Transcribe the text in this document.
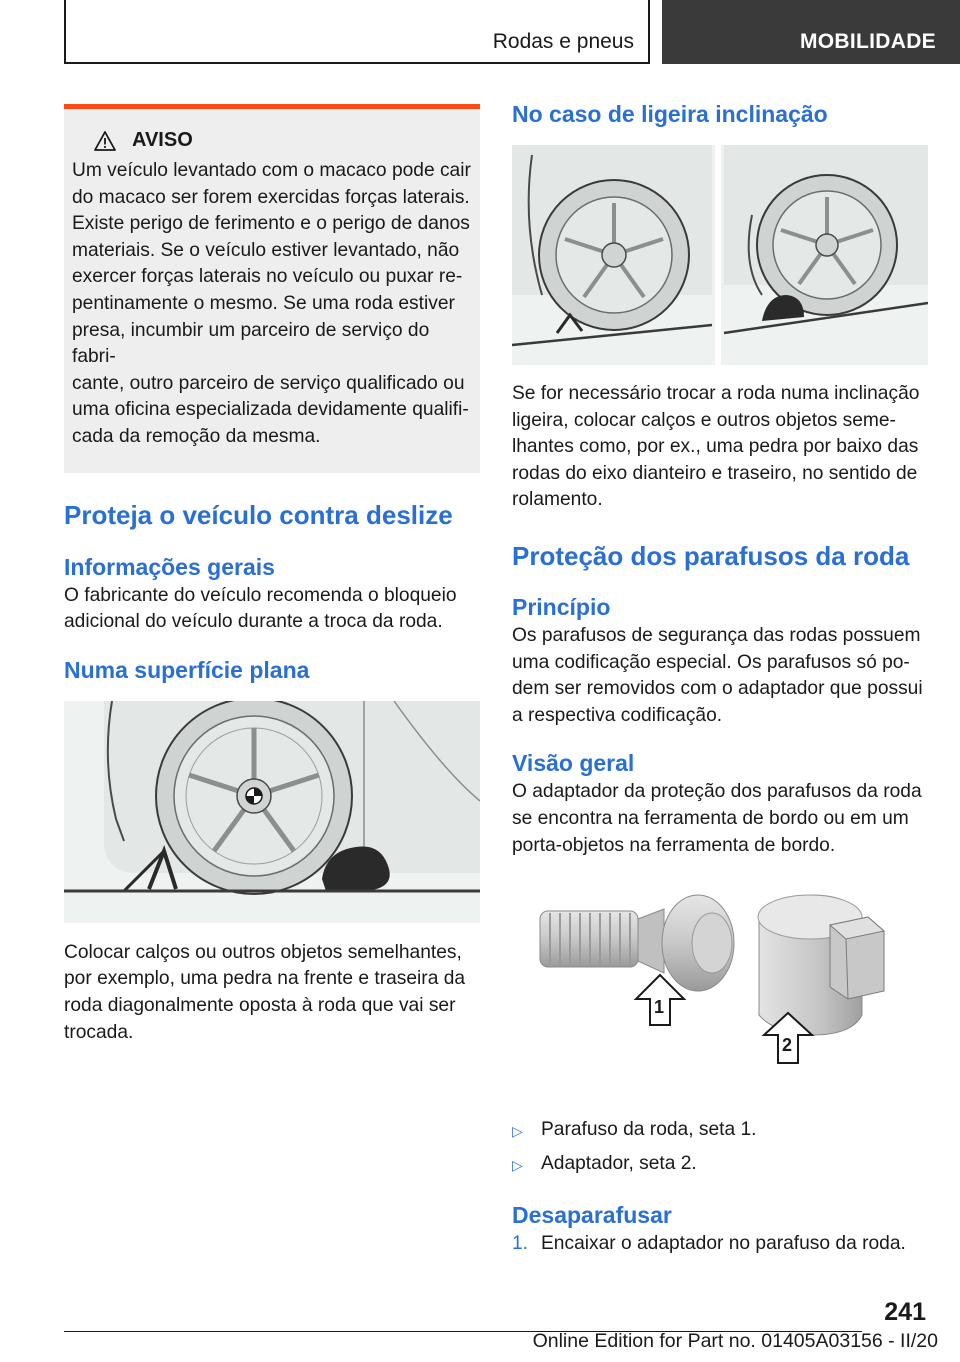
Rodas e pneus	MOBILIDADE
AVISO
Um veículo levantado com o macaco pode cair
do macaco ser forem exercidas forças laterais.
Existe perigo de ferimento e o perigo de danos
materiais. Se o veículo estiver levantado, não
exercer forças laterais no veículo ou puxar re-
pentinamente o mesmo. Se uma roda estiver
presa, incumbir um parceiro de serviço do fabri-
cante, outro parceiro de serviço qualificado ou
uma oficina especializada devidamente qualifi-
cada da remoção da mesma.
Proteja o veículo contra deslize
Informações gerais
O fabricante do veículo recomenda o bloqueio
adicional do veículo durante a troca da roda.
Numa superfície plana
Colocar calços ou outros objetos semelhantes,
por exemplo, uma pedra na frente e traseira da
roda diagonalmente oposta à roda que vai ser
trocada.
No caso de ligeira inclinação
Se for necessário trocar a roda numa inclinação
ligeira, colocar calços e outros objetos seme-
lhantes como, por ex., uma pedra por baixo das
rodas do eixo dianteiro e traseiro, no sentido de
rolamento.
Proteção dos parafusos da roda
Princípio
Os parafusos de segurança das rodas possuem
uma codificação especial. Os parafusos só po-
dem ser removidos com o adaptador que possui
a respectiva codificação.
Visão geral
O adaptador da proteção dos parafusos da roda
se encontra na ferramenta de bordo ou em um
porta-objetos na ferramenta de bordo.
1
2
▷ Parafuso da roda, seta 1.
▷ Adaptador, seta 2.
Desaparafusar
1. Encaixar o adaptador no parafuso da roda.
241
Online Edition for Part no. 01405A03156 - II/20
